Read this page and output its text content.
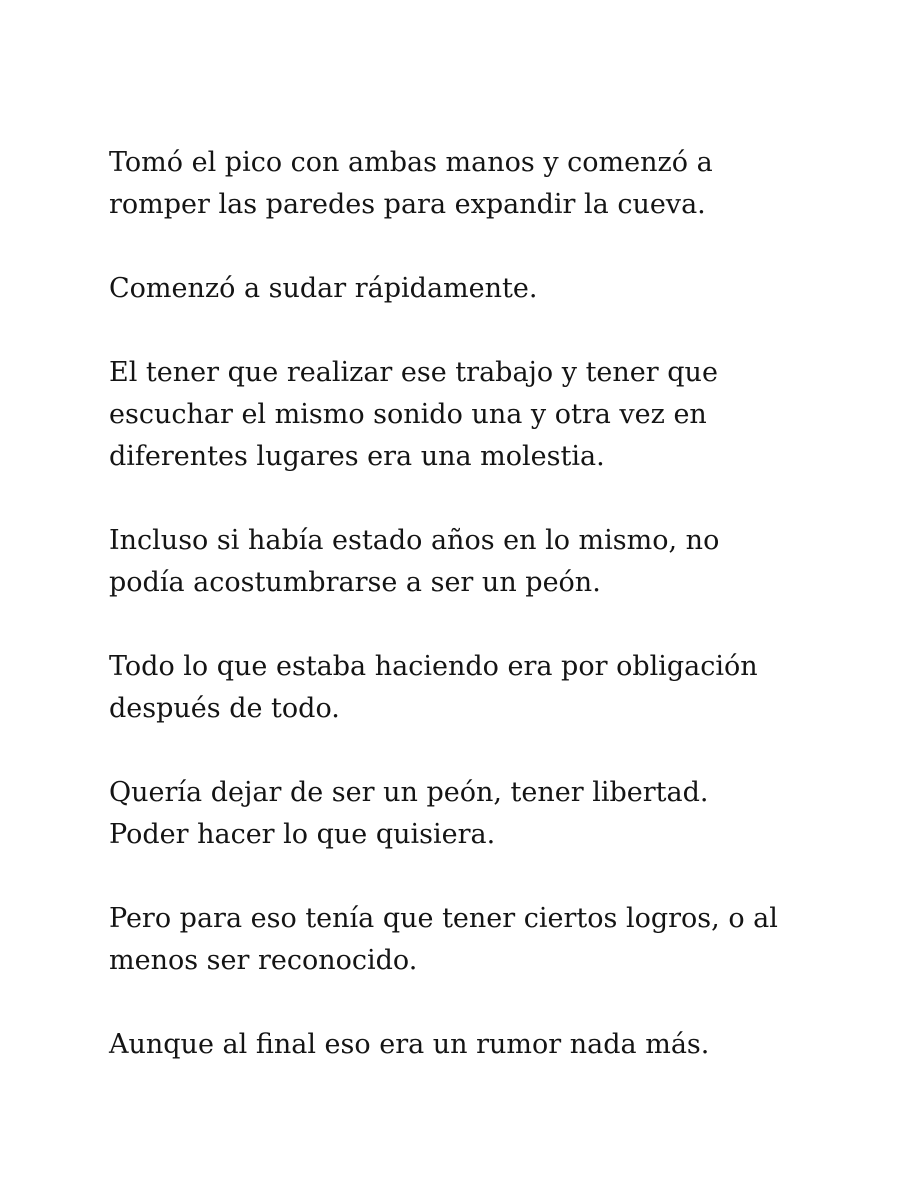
Tomó el pico con ambas manos y comenzó a
romper las paredes para expandir la cueva.
Comenzó a sudar rápidamente.
El tener que realizar ese trabajo y tener que
escuchar el mismo sonido una y otra vez en
diferentes lugares era una molestia.
Incluso si había estado años en lo mismo, no
podía acostumbrarse a ser un peón.
Todo lo que estaba haciendo era por obligación
después de todo.
Quería dejar de ser un peón, tener libertad.
Poder hacer lo que quisiera.
Pero para eso tenía que tener ciertos logros, o al
menos ser reconocido.
Aunque al final eso era un rumor nada más.
